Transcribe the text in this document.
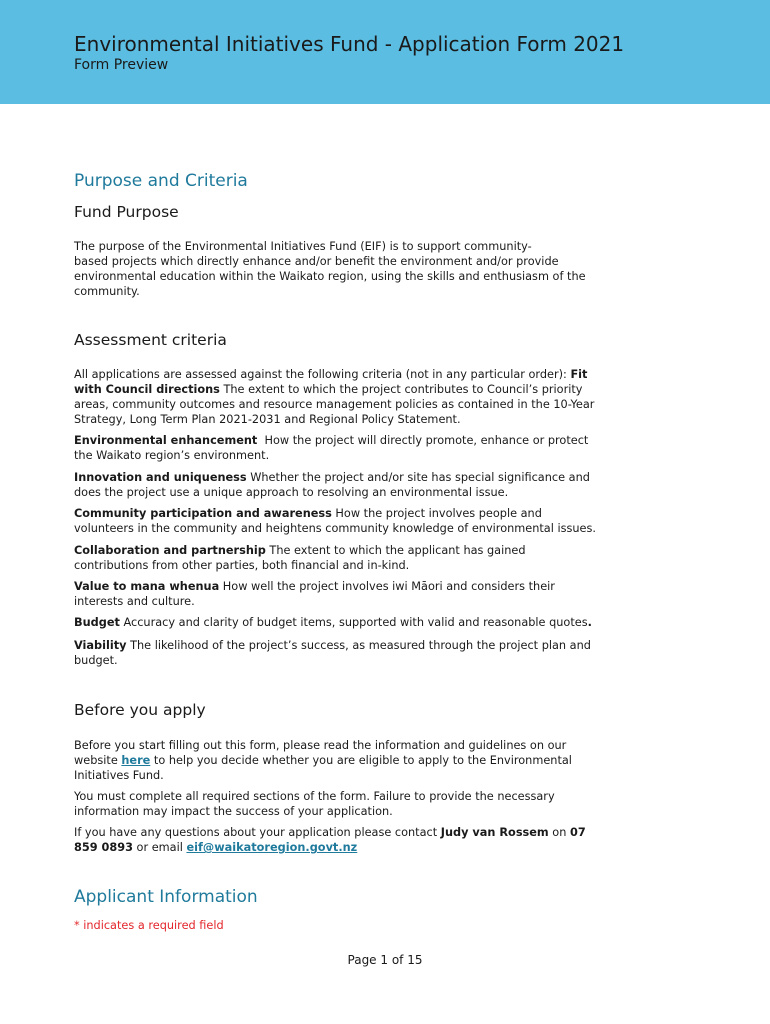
Environmental Initiatives Fund - Application Form 2021
Form Preview
Purpose and Criteria
Fund Purpose

The purpose of the Environmental Initiatives Fund (EIF) is to support community-
based projects which directly enhance and/or benefit the environment and/or provide
environmental education within the Waikato region, using the skills and enthusiasm of the
community.

Assessment criteria

All applications are assessed against the following criteria (not in any particular order): Fit
with Council directions The extent to which the project contributes to Council’s priority
areas, community outcomes and resource management policies as contained in the 10-Year
Strategy, Long Term Plan 2021-2031 and Regional Policy Statement.

Environmental enhancement  How the project will directly promote, enhance or protect
the Waikato region’s environment.

Innovation and uniqueness Whether the project and/or site has special significance and
does the project use a unique approach to resolving an environmental issue.

Community participation and awareness How the project involves people and
volunteers in the community and heightens community knowledge of environmental issues.

Collaboration and partnership The extent to which the applicant has gained
contributions from other parties, both financial and in-kind.

Value to mana whenua How well the project involves iwi Māori and considers their
interests and culture.

Budget Accuracy and clarity of budget items, supported with valid and reasonable quotes.

Viability The likelihood of the project’s success, as measured through the project plan and
budget.

Before you apply

Before you start filling out this form, please read the information and guidelines on our
website here to help you decide whether you are eligible to apply to the Environmental
Initiatives Fund.

You must complete all required sections of the form. Failure to provide the necessary
information may impact the success of your application.

If you have any questions about your application please contact Judy van Rossem on 07
859 0893 or email eif@waikatoregion.govt.nz

Applicant Information
* indicates a required field
Page 1 of 15
